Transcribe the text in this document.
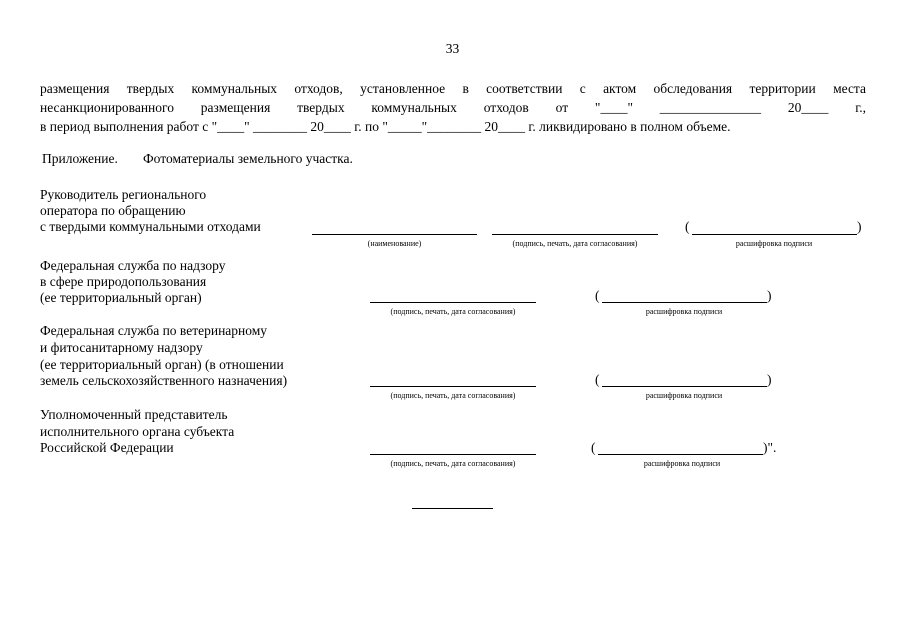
33
размещения твердых коммунальных отходов, установленное в соответствии с актом обследования территории места
несанкционированного размещения твердых коммунальных отходов от "____" _______________ 20____ г.,
в период выполнения работ с "____" ________ 20____ г. по "_____"________ 20____ г. ликвидировано в полном объеме.
Приложение. Фотоматериалы земельного участка.
Руководитель регионального
оператора по обращению
с твердыми коммунальными отходами	(	)
(наименование)	(подпись, печать, дата согласования)	расшифровка подписи
Федеральная служба по надзору
в сфере природопользования
(ее территориальный орган)	(	)
(подпись, печать, дата согласования)	расшифровка подписи
Федеральная служба по ветеринарному
и фитосанитарному надзору
(ее территориальный орган) (в отношении
земель сельскохозяйственного назначения)	(	)
(подпись, печать, дата согласования)	расшифровка подписи
Уполномоченный представитель
исполнительного органа субъекта
Российской Федерации	(	)".
(подпись, печать, дата согласования)	расшифровка подписи
